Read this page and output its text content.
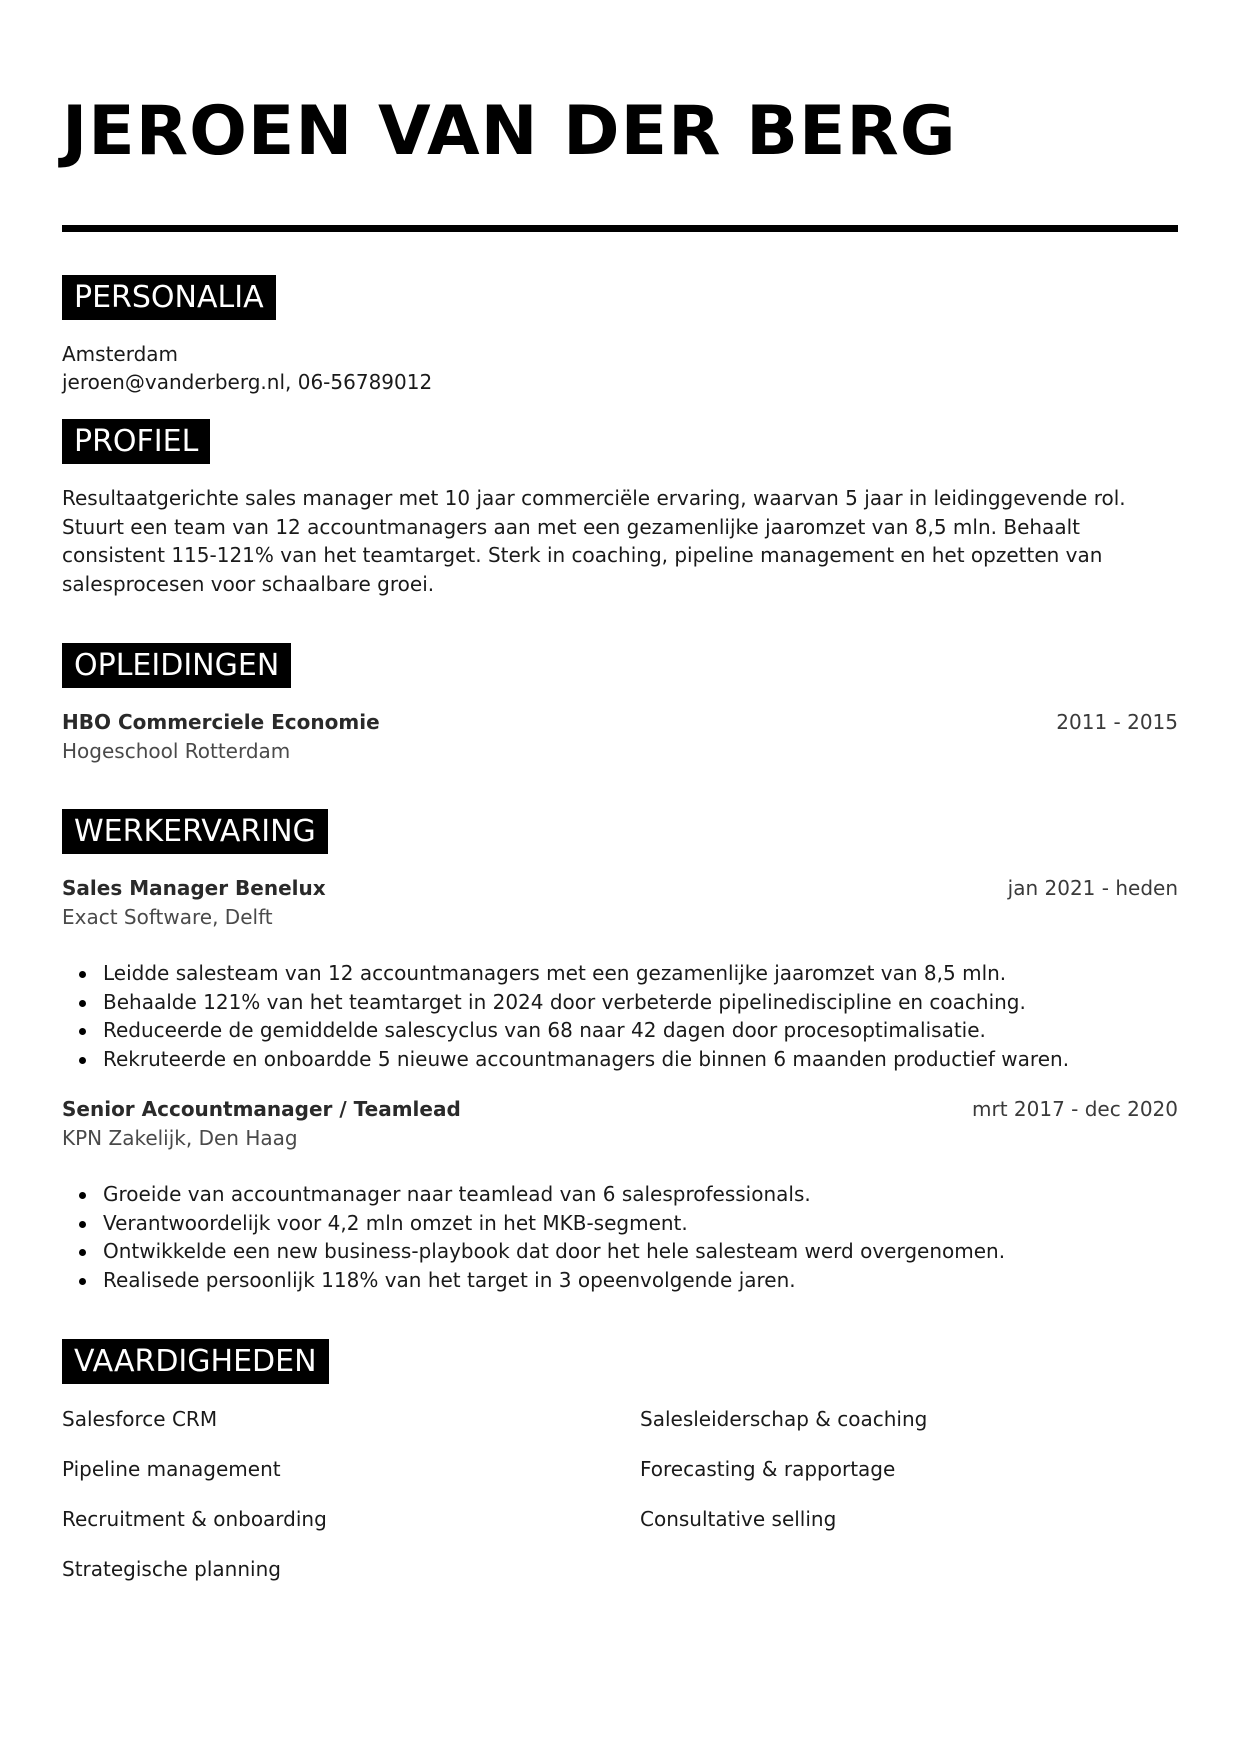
JEROEN VAN DER BERG
PERSONALIA
Amsterdam
jeroen@vanderberg.nl, 06-56789012
PROFIEL
Resultaatgerichte sales manager met 10 jaar commerciële ervaring, waarvan 5 jaar in leidinggevende rol.
Stuurt een team van 12 accountmanagers aan met een gezamenlijke jaaromzet van 8,5 mln. Behaalt
consistent 115-121% van het teamtarget. Sterk in coaching, pipeline management en het opzetten van
salesprocesen voor schaalbare groei.
OPLEIDINGEN
HBO Commerciele Economie	2011 - 2015
Hogeschool Rotterdam
WERKERVARING
Sales Manager Benelux	jan 2021 - heden
Exact Software, Delft
Leidde salesteam van 12 accountmanagers met een gezamenlijke jaaromzet van 8,5 mln.
Behaalde 121% van het teamtarget in 2024 door verbeterde pipelinediscipline en coaching.
Reduceerde de gemiddelde salescyclus van 68 naar 42 dagen door procesoptimalisatie.
Rekruteerde en onboardde 5 nieuwe accountmanagers die binnen 6 maanden productief waren.
Senior Accountmanager / Teamlead	mrt 2017 - dec 2020
KPN Zakelijk, Den Haag
Groeide van accountmanager naar teamlead van 6 salesprofessionals.
Verantwoordelijk voor 4,2 mln omzet in het MKB-segment.
Ontwikkelde een new business-playbook dat door het hele salesteam werd overgenomen.
Realisede persoonlijk 118% van het target in 3 opeenvolgende jaren.
VAARDIGHEDEN
Salesforce CRM	Salesleiderschap & coaching
Pipeline management	Forecasting & rapportage
Recruitment & onboarding	Consultative selling
Strategische planning
